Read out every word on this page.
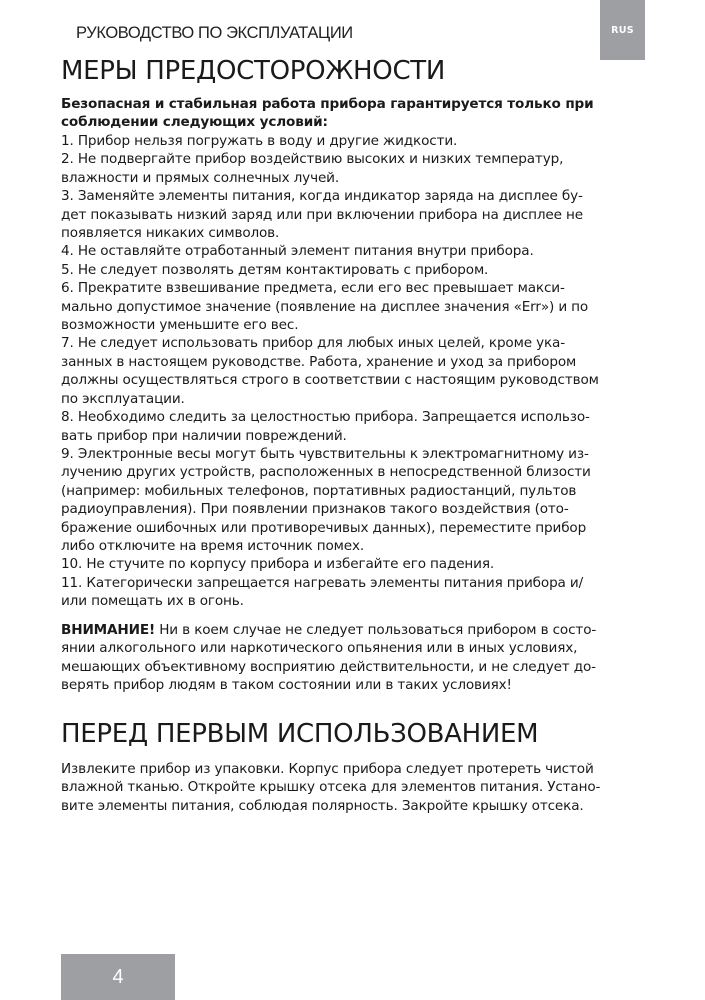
РУКОВОДСТВО ПО ЭКСПЛУАТАЦИИ	RUS
МЕРЫ ПРЕДОСТОРОЖНОСТИ
Безопасная и стабильная работа прибора гарантируется только при
соблюдении следующих условий:
1. Прибор нельзя погружать в воду и другие жидкости.
2. Не подвергайте прибор воздействию высоких и низких температур,
влажности и прямых солнечных лучей.
3. Заменяйте элементы питания, когда индикатор заряда на дисплее бу-
дет показывать низкий заряд или при включении прибора на дисплее не
появляется никаких символов.
4. Не оставляйте отработанный элемент питания внутри прибора.
5. Не следует позволять детям контактировать с прибором.
6. Прекратите взвешивание предмета, если его вес превышает макси-
мально допустимое значение (появление на дисплее значения «Err») и по
возможности уменьшите его вес.
7. Не следует использовать прибор для любых иных целей, кроме ука-
занных в настоящем руководстве. Работа, хранение и уход за прибором
должны осуществляться строго в соответствии с настоящим руководством
по эксплуатации.
8. Необходимо следить за целостностью прибора. Запрещается использо-
вать прибор при наличии повреждений.
9. Электронные весы могут быть чувствительны к электромагнитному из-
лучению других устройств, расположенных в непосредственной близости
(например: мобильных телефонов, портативных радиостанций, пультов
радиоуправления). При появлении признаков такого воздействия (ото-
бражение ошибочных или противоречивых данных), переместите прибор
либо отключите на время источник помех.
10. Не стучите по корпусу прибора и избегайте его падения.
11. Категорически запрещается нагревать элементы питания прибора и/
или помещать их в огонь.
ВНИМАНИЕ! Ни в коем случае не следует пользоваться прибором в состо-
янии алкогольного или наркотического опьянения или в иных условиях,
мешающих объективному восприятию действительности, и не следует до-
верять прибор людям в таком состоянии или в таких условиях!
ПЕРЕД ПЕРВЫМ ИСПОЛЬЗОВАНИЕМ
Извлеките прибор из упаковки. Корпус прибора следует протереть чистой
влажной тканью. Откройте крышку отсека для элементов питания. Устано-
вите элементы питания, соблюдая полярность. Закройте крышку отсека.
4
